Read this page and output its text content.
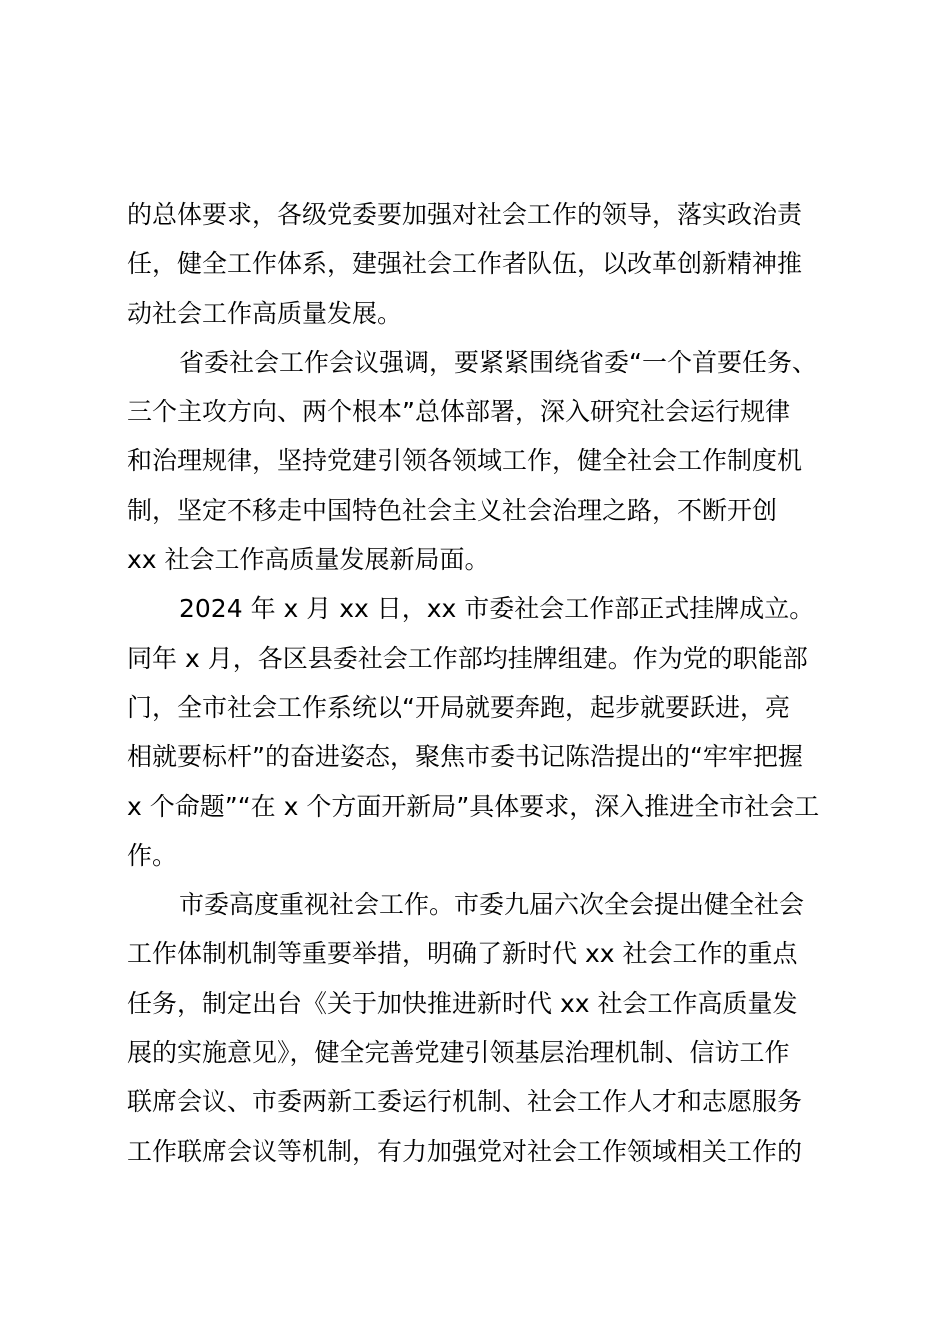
的总体要求，各级党委要加强对社会工作的领导，落实政治责
任，健全工作体系，建强社会工作者队伍，以改革创新精神推
动社会工作高质量发展。
省委社会工作会议强调，要紧紧围绕省委“一个首要任务、
三个主攻方向、两个根本”总体部署，深入研究社会运行规律
和治理规律，坚持党建引领各领域工作，健全社会工作制度机
制，坚定不移走中国特色社会主义社会治理之路，不断开创
xx 社会工作高质量发展新局面。
2024 年 x 月 xx 日，xx 市委社会工作部正式挂牌成立。
同年 x 月，各区县委社会工作部均挂牌组建。作为党的职能部
门，全市社会工作系统以“开局就要奔跑，起步就要跃进，亮
相就要标杆”的奋进姿态，聚焦市委书记陈浩提出的“牢牢把握
x 个命题”“在 x 个方面开新局”具体要求，深入推进全市社会工
作。
市委高度重视社会工作。市委九届六次全会提出健全社会
工作体制机制等重要举措，明确了新时代 xx 社会工作的重点
任务，制定出台《关于加快推进新时代 xx 社会工作高质量发
展的实施意见》，健全完善党建引领基层治理机制、信访工作
联席会议、市委两新工委运行机制、社会工作人才和志愿服务
工作联席会议等机制，有力加强党对社会工作领域相关工作的
